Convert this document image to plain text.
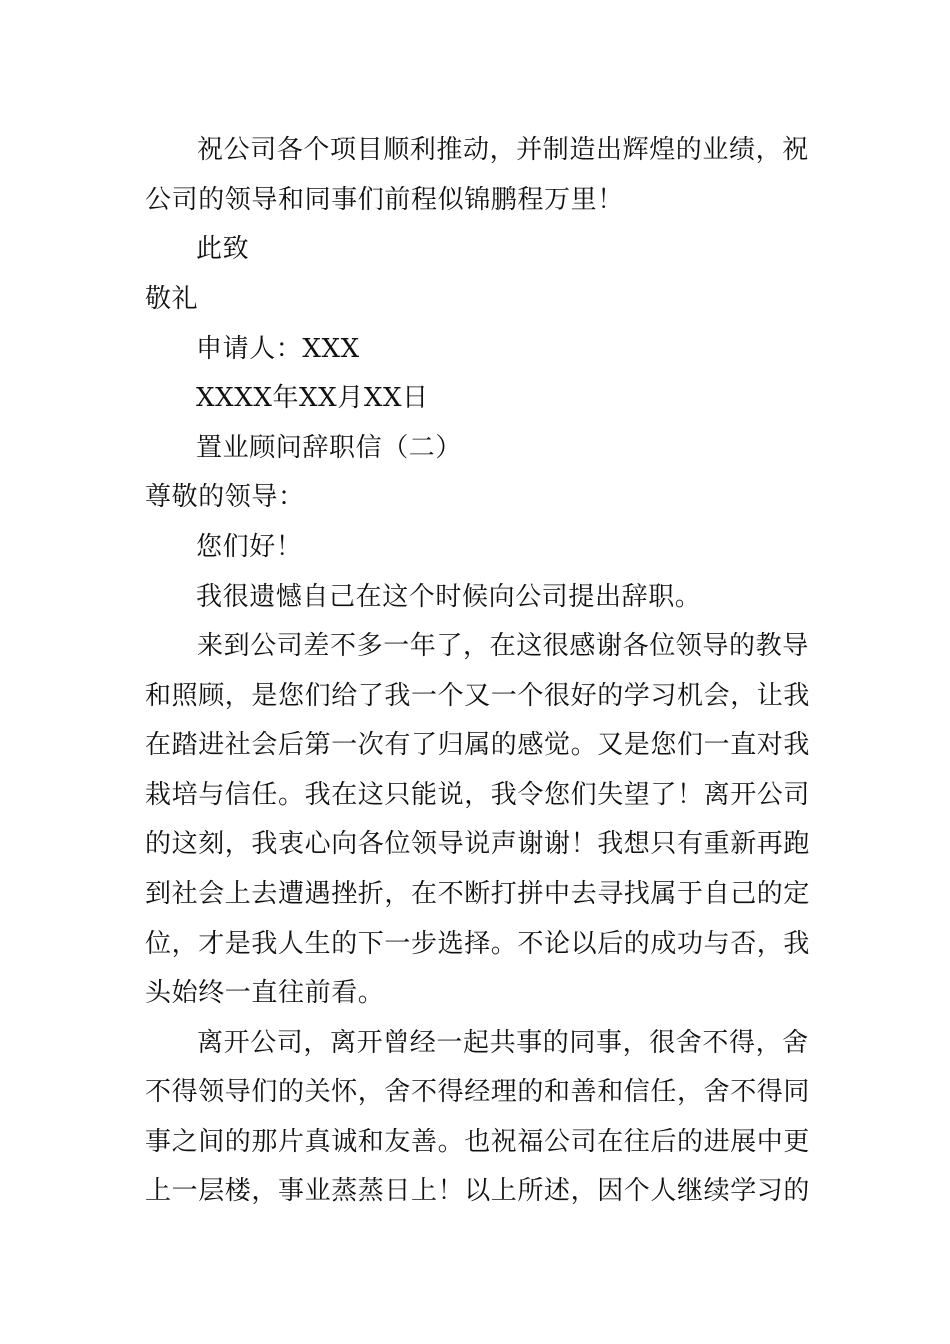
祝公司各个项目顺利推动，并制造出辉煌的业绩，祝
公司的领导和同事们前程似锦鹏程万里！
此致
敬礼
申请人：XXX
XXXX年XX月XX日
置业顾问辞职信（二）
尊敬的领导：
您们好！
我很遗憾自己在这个时候向公司提出辞职。
来到公司差不多一年了，在这很感谢各位领导的教导
和照顾，是您们给了我一个又一个很好的学习机会，让我
在踏进社会后第一次有了归属的感觉。又是您们一直对我
栽培与信任。我在这只能说，我令您们失望了！离开公司
的这刻，我衷心向各位领导说声谢谢！我想只有重新再跑
到社会上去遭遇挫折，在不断打拼中去寻找属于自己的定
位，才是我人生的下一步选择。不论以后的成功与否，我
头始终一直往前看。
离开公司，离开曾经一起共事的同事，很舍不得，舍
不得领导们的关怀，舍不得经理的和善和信任，舍不得同
事之间的那片真诚和友善。也祝福公司在往后的进展中更
上一层楼，事业蒸蒸日上！以上所述，因个人继续学习的
